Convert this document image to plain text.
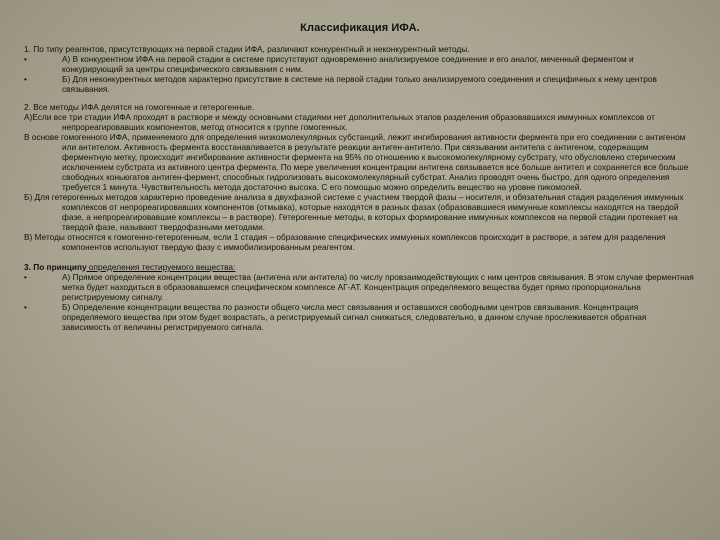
Классификация ИФА.

1. По типу реагентов, присутствующих на первой стадии ИФА, различают конкурентный и неконкурентный методы.

•	А) В конкурентном ИФА на первой стадии в системе присутствуют одновременно анализируемое соединение и его аналог, меченный ферментом и конкурирующий за центры специфического связывания с ним.
•	Б) Для неконкурентных методов характерно присутствие в системе на первой стадии только анализируемого соединения и специфичных к нему центров связывания.

2. Все методы ИФА делятся на гомогенные и гетерогенные.

А)Если все три стадии ИФА проходят в растворе и между основными стадиями нет дополнительных этапов разделения образовавшихся иммунных комплексов от непрореагировавших компонентов, метод относится к группе гомогенных.

В основе гомогенного ИФА, применяемого для определения низкомолекулярных субстанций, лежит ингибирования активности фермента при его соединении с антигеном или антителом. Активность фермента восстанавливается в результате реакции антиген-антитело. При связывании антитела с антигеном, содержащим ферментную метку, происходит ингибирование активности фермента на 95% по отношению к высокомолекулярному субстрату, что обусловлено стерическим исключением субстрата из активного центра фермента. По мере увеличения концентрации антигена связывается все больше антител и сохраняется все больше свободных коньюгатов антиген-фермент, способных гидролизовать высокомолекулярный субстрат. Анализ проводят очень быстро, для одного определения требуется 1 минута. Чувствительность метода достаточно высока. С его помощью можно определить вещество на уровне пикомолей.

Б) Для гетерогенных методов характерно проведение анализа в двухфазной системе с участием твердой фазы – носителя, и обязательная стадия разделения иммунных комплексов от непрореагировавших компонентов (отмывка), которые находятся в разных фазах (образовавшиеся иммунные комплексы находятся на твердой фазе, а непрореагировавшие комплексы – в растворе). Гетерогенные методы, в которых формирование иммунных комплексов на первой стадии протекает на твердой фазе, называют твердофазными методами.

В) Методы относятся к гомогенно-гетерогенным, если 1 стадия – образование специфических иммунных комплексов происходит в растворе, а затем для разделения компонентов используют твердую фазу с иммобилизированным реагентом.

3. По принципу определения тестируемого вещества:

•	А) Прямое определение концентрации вещества (антигена или антитела) по числу провзаимодействующих с ним центров связывания. В этом случае ферментная метка будет находиться в образовавшемся специфическом комплексе АГ-АТ. Концентрация определяемого вещества будет прямо пропорциональна регистрируемому сигналу.
•	Б) Определение концентрации вещества по разности общего числа мест связывания и оставшихся свободными центров связывания. Концентрация определяемого вещества при этом будет возрастать, а регистрируемый сигнал снижаться, следовательно, в данном случае прослеживается обратная зависимость от величины регистрируемого сигнала.
